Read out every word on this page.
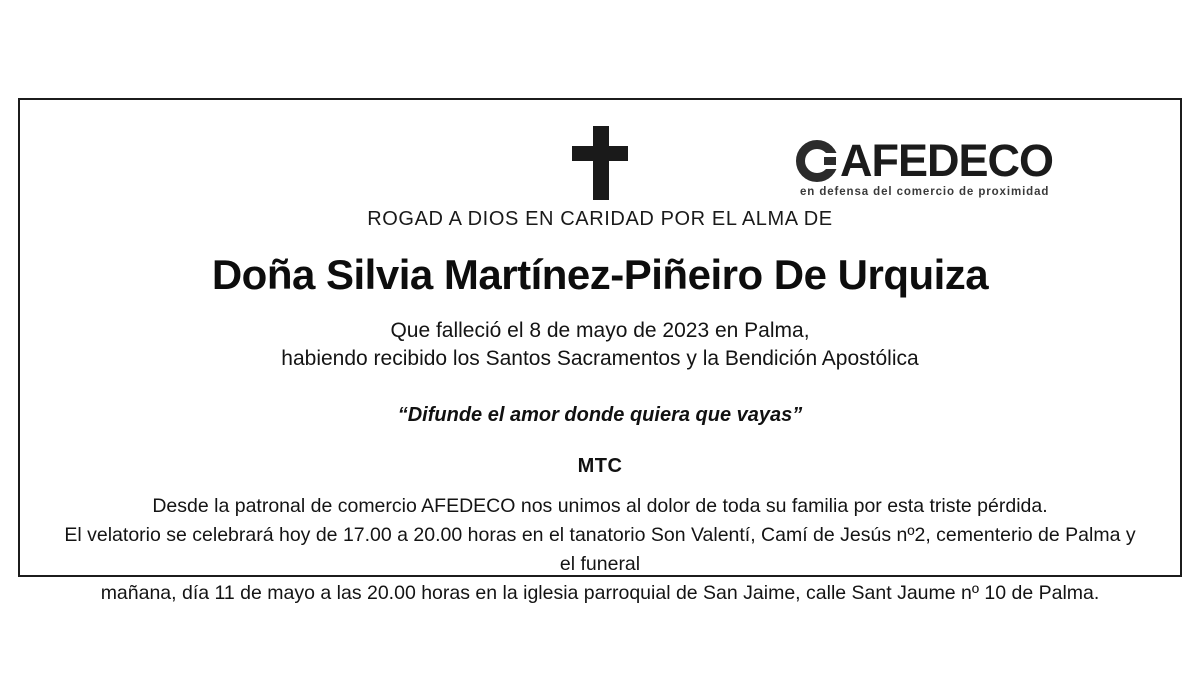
AFEDECO
en defensa del comercio de proximidad
ROGAD A DIOS EN CARIDAD POR EL ALMA DE
Doña Silvia Martínez-Piñeiro De Urquiza

Que falleció el 8 de mayo de 2023 en Palma,

habiendo recibido los Santos Sacramentos y la Bendición Apostólica

“Difunde el amor donde quiera que vayas”
MTC

Desde la patronal de comercio AFEDECO nos unimos al dolor de toda su familia por esta triste pérdida.

El velatorio se celebrará hoy de 17.00 a 20.00 horas en el tanatorio Son Valentí, Camí de Jesús nº2, cementerio de Palma y el funeral

mañana, día 11 de mayo a las 20.00 horas en la iglesia parroquial de San Jaime, calle Sant Jaume nº 10 de Palma.
